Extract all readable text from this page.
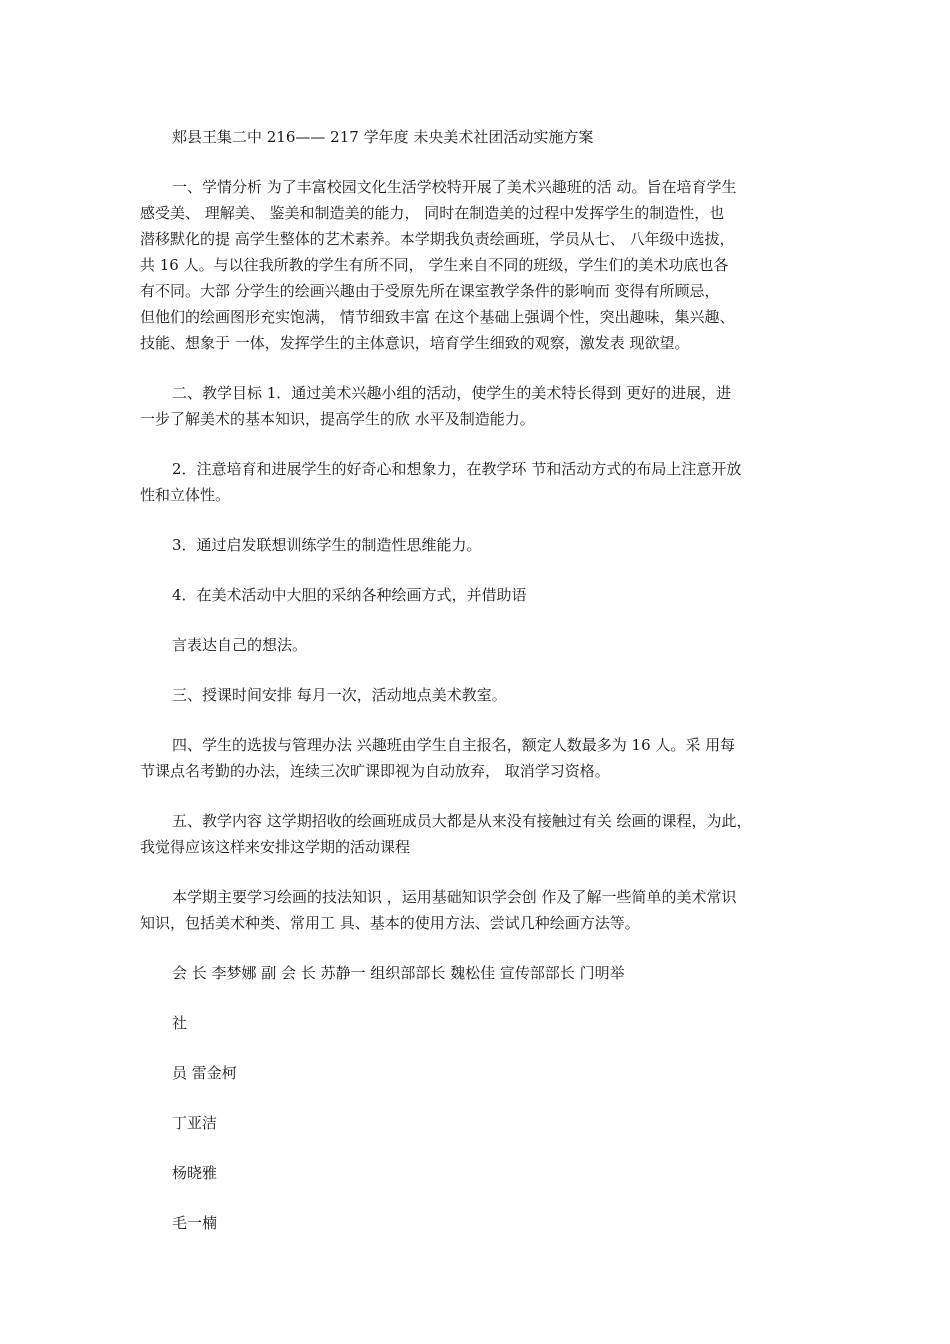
郏县王集二中 216—— 217 学年度 未央美术社团活动实施方案

一、学情分析 为了丰富校园文化生活学校特开展了美术兴趣班的活 动。旨在培育学生
感受美、 理解美、 鉴美和制造美的能力， 同时在制造美的过程中发挥学生的制造性，也
潜移默化的提 高学生整体的艺术素养。本学期我负责绘画班，学员从七、 八年级中选拔，
共 16 人。与以往我所教的学生有所不同， 学生来自不同的班级，学生们的美术功底也各
有不同。大部 分学生的绘画兴趣由于受原先所在课室教学条件的影响而 变得有所顾忌，
但他们的绘画图形充实饱满， 情节细致丰富 在这个基础上强调个性，突出趣味，集兴趣、
技能、想象于 一体，发挥学生的主体意识，培育学生细致的观察，激发表 现欲望。

二、教学目标 1．通过美术兴趣小组的活动，使学生的美术特长得到 更好的进展，进
一步了解美术的基本知识，提高学生的欣 水平及制造能力。

2．注意培育和进展学生的好奇心和想象力，在教学环 节和活动方式的布局上注意开放
性和立体性。

3．通过启发联想训练学生的制造性思维能力。

4．在美术活动中大胆的采纳各种绘画方式，并借助语

言表达自己的想法。

三、授课时间安排 每月一次，活动地点美术教室。

四、学生的选拔与管理办法 兴趣班由学生自主报名，额定人数最多为 16 人。采 用每
节课点名考勤的办法，连续三次旷课即视为自动放弃， 取消学习资格。

五、教学内容 这学期招收的绘画班成员大都是从来没有接触过有关 绘画的课程，为此，
我觉得应该这样来安排这学期的活动课程

本学期主要学习绘画的技法知识 ，运用基础知识学会创 作及了解一些简单的美术常识
知识，包括美术种类、常用工 具、基本的使用方法、尝试几种绘画方法等。

会 长 李梦娜 副 会 长 苏静一 组织部部长 魏松佳 宣传部部长 门明举

社

员 雷金柯

丁亚洁

杨晓雅

毛一楠
